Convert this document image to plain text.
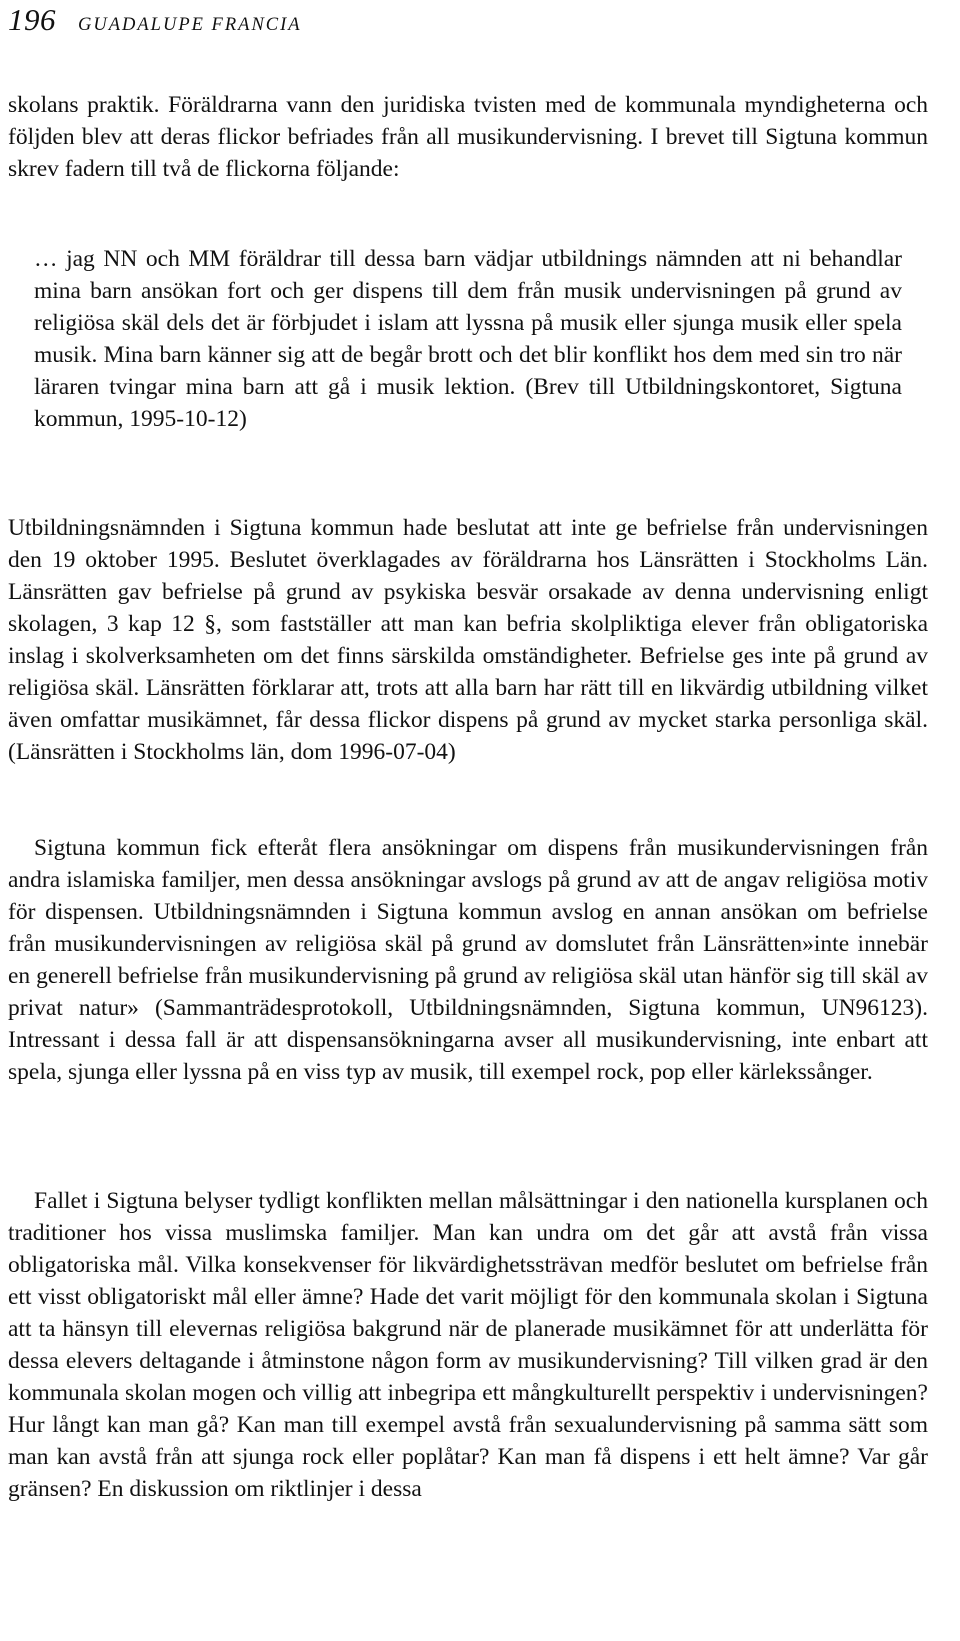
196 GUADALUPE FRANCIA

skolans praktik. Föräldrarna vann den juridiska tvisten med de kommunala myndigheterna och följden blev att deras flickor befriades från all musikundervisning. I brevet till Sigtuna kommun skrev fadern till två de flickorna följande:

… jag NN och MM föräldrar till dessa barn vädjar utbildnings nämnden att ni behandlar mina barn ansökan fort och ger dispens till dem från musik undervisningen på grund av religiösa skäl dels det är förbjudet i islam att lyssna på musik eller sjunga musik eller spela musik. Mina barn känner sig att de begår brott och det blir konflikt hos dem med sin tro när läraren tvingar mina barn att gå i musik lektion. (Brev till Utbildningskontoret, Sigtuna kommun, 1995-10-12)

Utbildningsnämnden i Sigtuna kommun hade beslutat att inte ge befrielse från undervisningen den 19 oktober 1995. Beslutet överklagades av föräldrarna hos Länsrätten i Stockholms Län. Länsrätten gav befrielse på grund av psykiska besvär orsakade av denna undervisning enligt skolagen, 3 kap 12 §, som fastställer att man kan befria skolpliktiga elever från obligatoriska inslag i skolverksamheten om det finns särskilda omständigheter. Befrielse ges inte på grund av religiösa skäl. Länsrätten förklarar att, trots att alla barn har rätt till en likvärdig utbildning vilket även omfattar musikämnet, får dessa flickor dispens på grund av mycket starka personliga skäl. (Länsrätten i Stockholms län, dom 1996-07-04)

Sigtuna kommun fick efteråt flera ansökningar om dispens från musikundervisningen från andra islamiska familjer, men dessa ansökningar avslogs på grund av att de angav religiösa motiv för dispensen. Utbildningsnämnden i Sigtuna kommun avslog en annan ansökan om befrielse från musikundervisningen av religiösa skäl på grund av domslutet från Länsrätten»inte innebär en generell befrielse från musikundervisning på grund av religiösa skäl utan hänför sig till skäl av privat natur» (Sammanträdesprotokoll, Utbildningsnämnden, Sigtuna kommun, UN96123). Intressant i dessa fall är att dispensansökningarna avser all musikundervisning, inte enbart att spela, sjunga eller lyssna på en viss typ av musik, till exempel rock, pop eller kärlekssånger.

Fallet i Sigtuna belyser tydligt konflikten mellan målsättningar i den nationella kursplanen och traditioner hos vissa muslimska familjer. Man kan undra om det går att avstå från vissa obligatoriska mål. Vilka konsekvenser för likvärdighetssträvan medför beslutet om befrielse från ett visst obligatoriskt mål eller ämne? Hade det varit möjligt för den kommunala skolan i Sigtuna att ta hänsyn till elevernas religiösa bakgrund när de planerade musikämnet för att underlätta för dessa elevers deltagande i åtminstone någon form av musikundervisning? Till vilken grad är den kommunala skolan mogen och villig att inbegripa ett mångkulturellt perspektiv i undervisningen? Hur långt kan man gå? Kan man till exempel avstå från sexualundervisning på samma sätt som man kan avstå från att sjunga rock eller poplåtar? Kan man få dispens i ett helt ämne? Var går gränsen? En diskussion om riktlinjer i dessa
